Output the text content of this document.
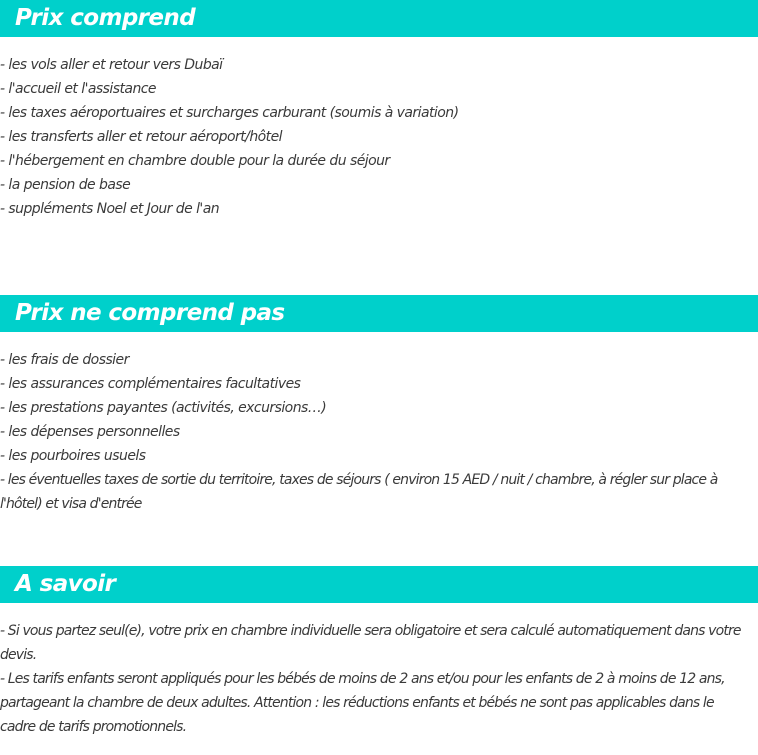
Prix comprend
- les vols aller et retour vers Dubaï
- l'accueil et l'assistance
- les taxes aéroportuaires et surcharges carburant (soumis à variation)
- les transferts aller et retour aéroport/hôtel
- l'hébergement en chambre double pour la durée du séjour
- la pension de base
- suppléments Noel et Jour de l'an
Prix ne comprend pas
- les frais de dossier
- les assurances complémentaires facultatives
- les prestations payantes (activités, excursions…)
- les dépenses personnelles
- les pourboires usuels
- les éventuelles taxes de sortie du territoire, taxes de séjours ( environ 15 AED / nuit / chambre, à régler sur place à l'hôtel) et visa d'entrée
A savoir
- Si vous partez seul(e), votre prix en chambre individuelle sera obligatoire et sera calculé automatiquement dans votre devis.
- Les tarifs enfants seront appliqués pour les bébés de moins de 2 ans et/ou pour les enfants de 2 à moins de 12 ans, partageant la chambre de deux adultes. Attention : les réductions enfants et bébés ne sont pas applicables dans le cadre de tarifs promotionnels.
